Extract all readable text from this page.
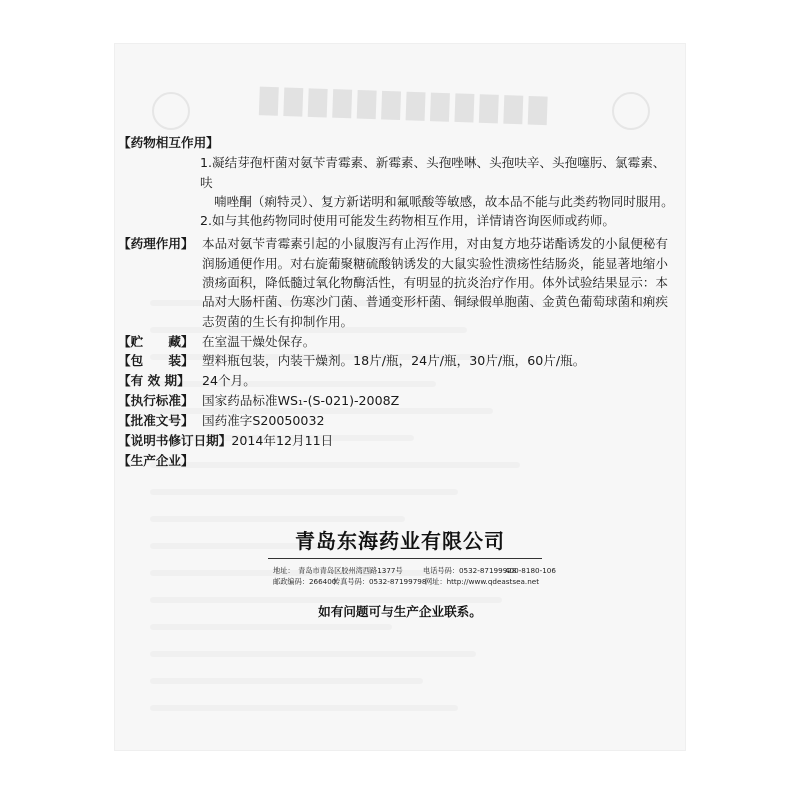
████████████
【药物相互作用】
1.凝结芽孢杆菌对氨苄青霉素、新霉素、头孢唑啉、头孢呋辛、头孢噻肟、氯霉素、呋
喃唑酮（痢特灵）、复方新诺明和氟哌酸等敏感，故本品不能与此类药物同时服用。
2.如与其他药物同时使用可能发生药物相互作用，详情请咨询医师或药师。
【药理作用】 本品对氨苄青霉素引起的小鼠腹泻有止泻作用，对由复方地芬诺酯诱发的小鼠便秘有润肠通便作用。对右旋葡聚糖硫酸钠诱发的大鼠实验性溃疡性结肠炎，能显著地缩小溃疡面积，降低髓过氧化物酶活性，有明显的抗炎治疗作用。体外试验结果显示：本品对大肠杆菌、伤寒沙门菌、普通变形杆菌、铜绿假单胞菌、金黄色葡萄球菌和痢疾志贺菌的生长有抑制作用。
【贮　　藏】 在室温干燥处保存。
【包　　装】 塑料瓶包装，内装干燥剂。18片/瓶，24片/瓶，30片/瓶，60片/瓶。
【有 效 期】 24个月。
【执行标准】 国家药品标准WS₁-(S-021)-2008Z
【批准文号】 国药准字S20050032
【说明书修订日期】 2014年12月11日
【生产企业】
青岛东海药业有限公司
地址：　青岛市青岛区胶州湾西路1377号	电话号码：0532-87199928
400-8180-106
邮政编码：266400
传真号码：0532-87199798
网址：http://www.qdeastsea.net
如有问题可与生产企业联系。
